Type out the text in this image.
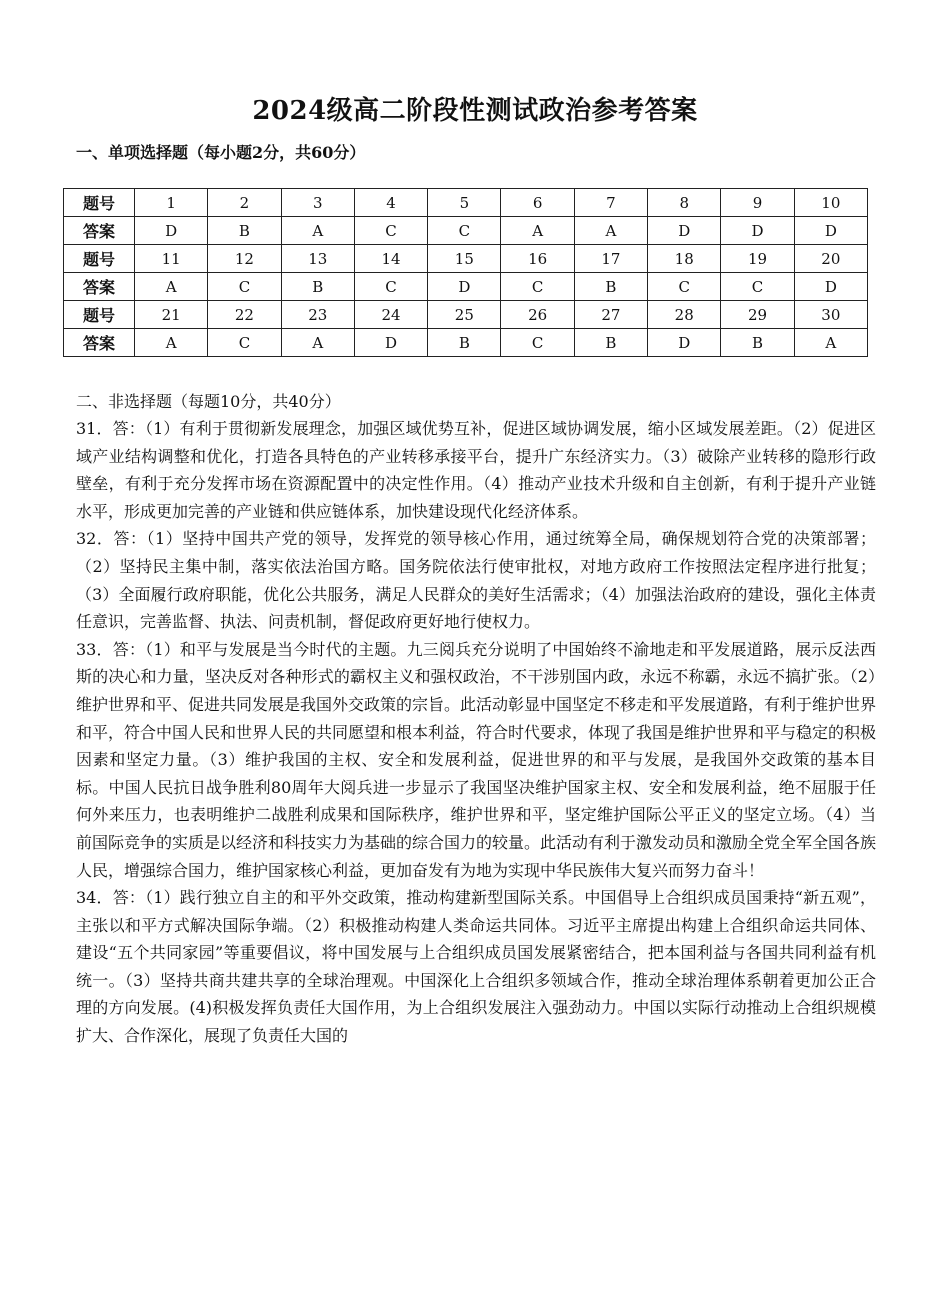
2024级高二阶段性测试政治参考答案
一、单项选择题（每小题2分，共60分）
题号	1	2	3	4	5	6	7	8	9	10
答案	D	B	A	C	C	A	A	D	D	D
题号	11	12	13	14	15	16	17	18	19	20
答案	A	C	B	C	D	C	B	C	C	D
题号	21	22	23	24	25	26	27	28	29	30
答案	A	C	A	D	B	C	B	D	B	A
二、非选择题（每题10分，共40分）

31．答：（1）有利于贯彻新发展理念，加强区域优势互补，促进区域协调发展，缩小区域发展差距。（2）促进区域产业结构调整和优化，打造各具特色的产业转移承接平台，提升广东经济实力。（3）破除产业转移的隐形行政壁垒，有利于充分发挥市场在资源配置中的决定性作用。（4）推动产业技术升级和自主创新，有利于提升产业链水平，形成更加完善的产业链和供应链体系，加快建设现代化经济体系。

32．答：（1）坚持中国共产党的领导，发挥党的领导核心作用，通过统筹全局，确保规划符合党的决策部署；（2）坚持民主集中制，落实依法治国方略。国务院依法行使审批权，对地方政府工作按照法定程序进行批复；（3）全面履行政府职能，优化公共服务，满足人民群众的美好生活需求；（4）加强法治政府的建设，强化主体责任意识，完善监督、执法、问责机制，督促政府更好地行使权力。

33．答：（1）和平与发展是当今时代的主题。九三阅兵充分说明了中国始终不渝地走和平发展道路，展示反法西斯的决心和力量，坚决反对各种形式的霸权主义和强权政治，不干涉别国内政，永远不称霸，永远不搞扩张。（2）维护世界和平、促进共同发展是我国外交政策的宗旨。此活动彰显中国坚定不移走和平发展道路，有利于维护世界和平，符合中国人民和世界人民的共同愿望和根本利益，符合时代要求，体现了我国是维护世界和平与稳定的积极因素和坚定力量。（3）维护我国的主权、安全和发展利益，促进世界的和平与发展，是我国外交政策的基本目标。中国人民抗日战争胜利80周年大阅兵进一步显示了我国坚决维护国家主权、安全和发展利益，绝不屈服于任何外来压力，也表明维护二战胜利成果和国际秩序，维护世界和平，坚定维护国际公平正义的坚定立场。（4）当前国际竞争的实质是以经济和科技实力为基础的综合国力的较量。此活动有利于激发动员和激励全党全军全国各族人民，增强综合国力，维护国家核心利益，更加奋发有为地为实现中华民族伟大复兴而努力奋斗！

34．答：（1）践行独立自主的和平外交政策，推动构建新型国际关系。中国倡导上合组织成员国秉持“新五观”，主张以和平方式解决国际争端。（2）积极推动构建人类命运共同体。习近平主席提出构建上合组织命运共同体、建设“五个共同家园”等重要倡议，将中国发展与上合组织成员国发展紧密结合，把本国利益与各国共同利益有机统一。（3）坚持共商共建共享的全球治理观。中国深化上合组织多领域合作，推动全球治理体系朝着更加公正合理的方向发展。(4)积极发挥负责任大国作用，为上合组织发展注入强劲动力。中国以实际行动推动上合组织规模扩大、合作深化，展现了负责任大国的
